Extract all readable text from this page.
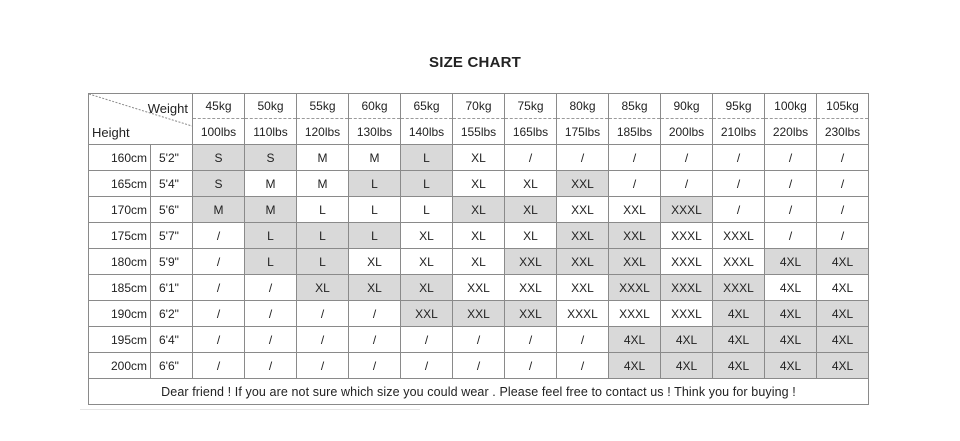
SIZE CHART
Weight
Height		45kg	50kg	55kg	60kg	65kg	70kg	75kg	80kg	85kg	90kg	95kg	100kg	105kg
		100lbs	110lbs	120lbs	130lbs	140lbs	155lbs	165lbs	175lbs	185lbs	200lbs	210lbs	220lbs	230lbs
160cm	5'2"	S	S	M	M	L	XL	/	/	/	/	/	/	/
165cm	5'4"	S	M	M	L	L	XL	XL	XXL	/	/	/	/	/
170cm	5'6"	M	M	L	L	L	XL	XL	XXL	XXL	XXXL	/	/	/
175cm	5'7"	/	L	L	L	XL	XL	XL	XXL	XXL	XXXL	XXXL	/	/
180cm	5'9"	/	L	L	XL	XL	XL	XXL	XXL	XXL	XXXL	XXXL	4XL	4XL
185cm	6'1"	/	/	XL	XL	XL	XXL	XXL	XXL	XXXL	XXXL	XXXL	4XL	4XL
190cm	6'2"	/	/	/	/	XXL	XXL	XXL	XXXL	XXXL	XXXL	4XL	4XL	4XL
195cm	6'4"	/	/	/	/	/	/	/	/	4XL	4XL	4XL	4XL	4XL
200cm	6'6"	/	/	/	/	/	/	/	/	4XL	4XL	4XL	4XL	4XL
Dear friend ! If you are not sure which size you could wear . Please feel free to contact us ! Think you for buying !														
